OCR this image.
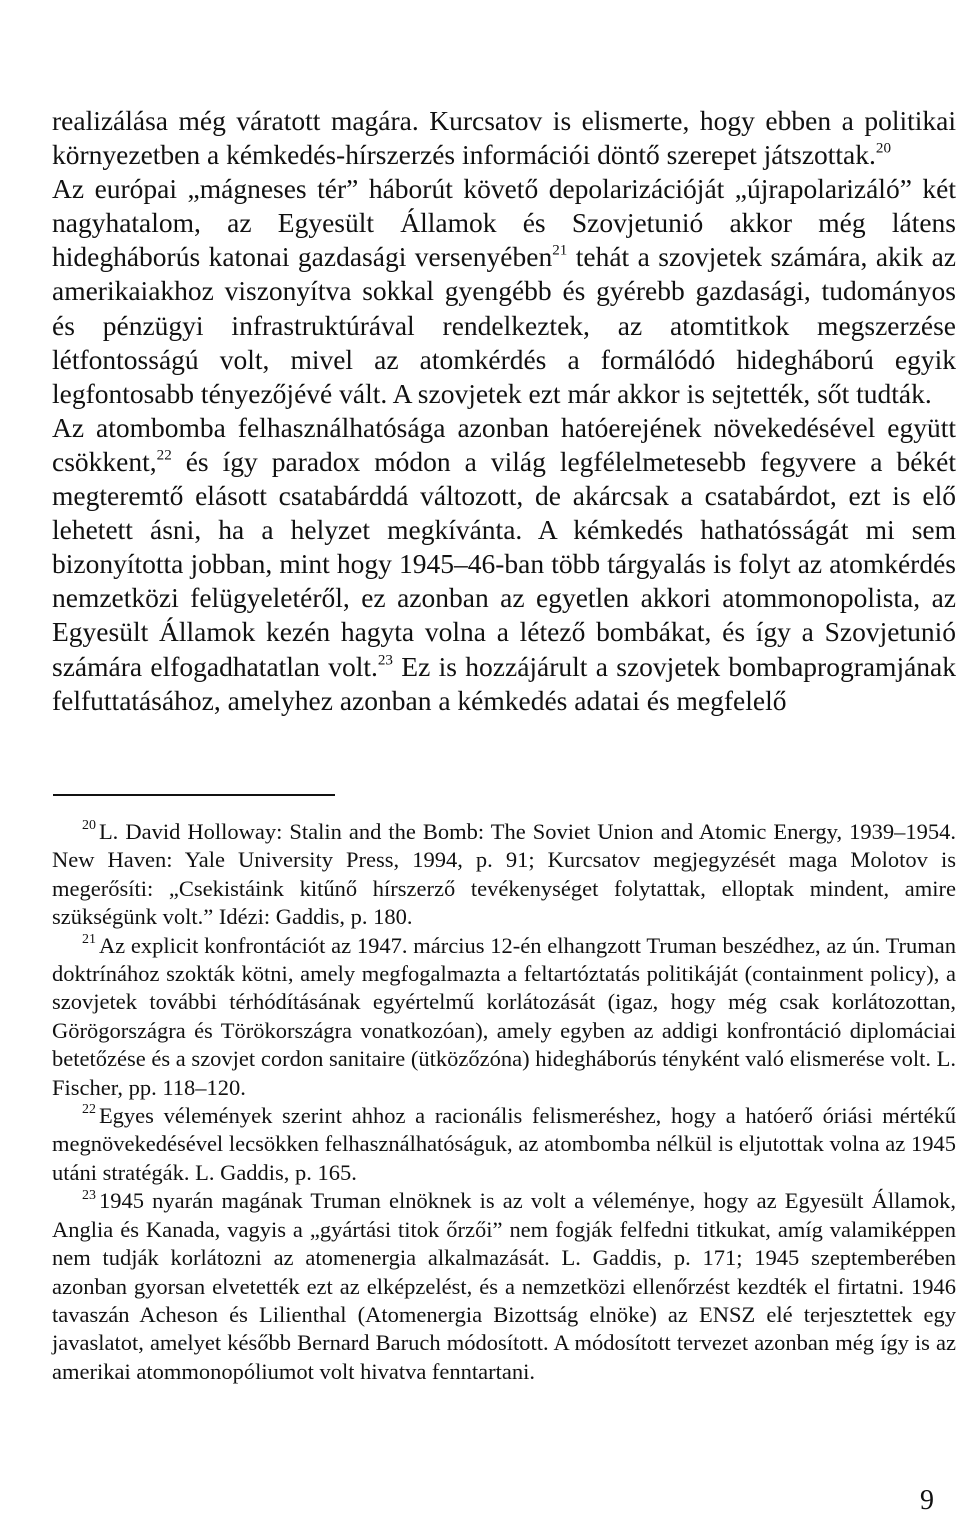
realizálása még váratott magára. Kurcsatov is elismerte, hogy ebben a politikai környezetben a kémkedés-hírszerzés információi döntő szerepet játszottak.$^{20}$

Az európai „mágneses tér” háborút követő depolarizációját „újrapolarizáló” két nagyhatalom, az Egyesült Államok és Szovjetunió akkor még látens hidegháborús katonai gazdasági versenyében$^{21}$ tehát a szovjetek számára, akik az amerikaiakhoz viszonyítva sokkal gyengébb és gyérebb gazdasági, tudományos és pénzügyi infrastruktúrával rendelkeztek, az atomtitkok megszerzése létfontosságú volt, mivel az atomkérdés a formálódó hidegháború egyik legfontosabb tényezőjévé vált. A szovjetek ezt már akkor is sejtették, sőt tudták.

Az atombomba felhasználhatósága azonban hatóerejének növekedésével együtt csökkent,$^{22}$ és így paradox módon a világ legfélelmetesebb fegyvere a békét megteremtő elásott csatabárddá változott, de akárcsak a csatabárdot, ezt is elő lehetett ásni, ha a helyzet megkívánta. A kémkedés hathatósságát mi sem bizonyította jobban, mint hogy 1945–46-ban több tárgyalás is folyt az atomkérdés nemzetközi felügyeletéről, ez azonban az egyetlen akkori atommonopolista, az Egyesült Államok kezén hagyta volna a létező bombákat, és így a Szovjetunió számára elfogadhatatlan volt.$^{23}$ Ez is hozzájárult a szovjetek bombaprogramjának felfuttatásához, amelyhez azonban a kémkedés adatai és megfelelő

$^{20}$ L. David Holloway: Stalin and the Bomb: The Soviet Union and Atomic Energy, 1939–1954. New Haven: Yale University Press, 1994, p. 91; Kurcsatov megjegyzését maga Molotov is megerősíti: „Csekistáink kitűnő hírszerző tevékenységet folytattak, elloptak mindent, amire szükségünk volt.” Idézi: Gaddis, p. 180.

$^{21}$ Az explicit konfrontációt az 1947. március 12-én elhangzott Truman beszédhez, az ún. Truman doktrínához szokták kötni, amely megfogalmazta a feltartóztatás politikáját (containment policy), a szovjetek további térhódításának egyértelmű korlátozását (igaz, hogy még csak korlátozottan, Görögországra és Törökországra vonatkozóan), amely egyben az addigi konfrontáció diplomáciai betetőzése és a szovjet cordon sanitaire (ütközőzóna) hidegháborús tényként való elismerése volt. L. Fischer, pp. 118–120.

$^{22}$ Egyes vélemények szerint ahhoz a racionális felismeréshez, hogy a hatóerő óriási mértékű megnövekedésével lecsökken felhasználhatóságuk, az atombomba nélkül is eljutottak volna az 1945 utáni stratégák. L. Gaddis, p. 165.

$^{23}$ 1945 nyarán magának Truman elnöknek is az volt a véleménye, hogy az Egyesült Államok, Anglia és Kanada, vagyis a „gyártási titok őrzői” nem fogják felfedni titkukat, amíg valamiképpen nem tudják korlátozni az atomenergia alkalmazását. L. Gaddis, p. 171; 1945 szeptemberében azonban gyorsan elvetették ezt az elképzelést, és a nemzetközi ellenőrzést kezdték el firtatni. 1946 tavaszán Acheson és Lilienthal (Atomenergia Bizottság elnöke) az ENSZ elé terjesztettek egy javaslatot, amelyet később Bernard Baruch módosított. A módosított tervezet azonban még így is az amerikai atommonopóliumot volt hivatva fenntartani.

9
